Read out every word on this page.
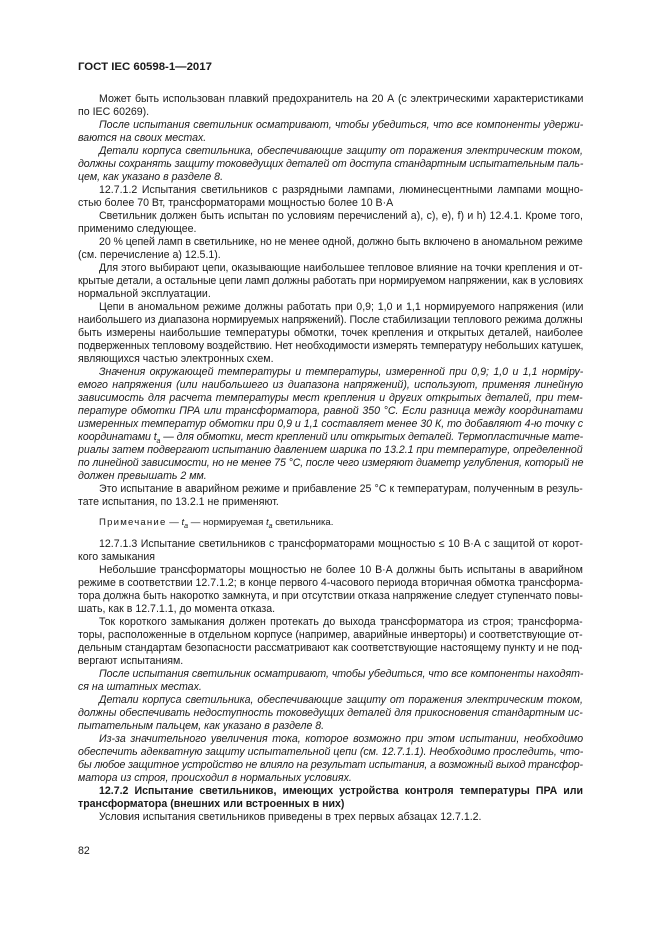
ГОСТ IEC 60598-1—2017
Может быть использован плавкий предохранитель на 20 А (с электрическими характеристиками
по IEC 60269).
После испытания светильник осматривают, чтобы убедиться, что все компоненты удержи-
ваются на своих местах.
Детали корпуса светильника, обеспечивающие защиту от поражения электрическим током,
должны сохранять защиту токоведущих деталей от доступа стандартным испытательным паль-
цем, как указано в разделе 8.
12.7.1.2 Испытания светильников с разрядными лампами, люминесцентными лампами мощно-
стью более 70 Вт, трансформаторами мощностью более 10 В·А
Светильник должен быть испытан по условиям перечислений а), с), е), f) и h) 12.4.1. Кроме того,
применимо следующее.
20 % цепей ламп в светильнике, но не менее одной, должно быть включено в аномальном режиме
(см. перечисление а) 12.5.1).
Для этого выбирают цепи, оказывающие наибольшее тепловое влияние на точки крепления и от-
крытые детали, а остальные цепи ламп должны работать при нормируемом напряжении, как в условиях
нормальной эксплуатации.
Цепи в аномальном режиме должны работать при 0,9; 1,0 и 1,1 нормируемого напряжения (или
наибольшего из диапазона нормируемых напряжений). После стабилизации теплового режима должны
быть измерены наибольшие температуры обмотки, точек крепления и открытых деталей, наиболее
подверженных тепловому воздействию. Нет необходимости измерять температуру небольших катушек,
являющихся частью электронных схем.
Значения окружающей температуры и температуры, измеренной при 0,9; 1,0 и 1,1 норміру-
емого напряжения (или наибольшего из диапазона напряжений), используют, применяя линейную
зависимость для расчета температуры мест крепления и других открытых деталей, при тем-
пературе обмотки ПРА или трансформатора, равной 350 °С. Если разница между координатами
измеренных температур обмотки при 0,9 и 1,1 составляет менее 30 К, то добавляют 4-ю точку с
координатами $t_a$ — для обмотки, мест креплений или открытых деталей. Термопластичные мате-
риалы затем подвергают испытанию давлением шарика по 13.2.1 при температуре, определенной
по линейной зависимости, но не менее 75 °С, после чего измеряют диаметр углубления, который не
должен превышать 2 мм.
Это испытание в аварийном режиме и прибавление 25 °С к температурам, полученным в резуль-
тате испытания, по 13.2.1 не применяют.
Примечание — $t_a$ — нормируемая $t_a$ светильника.
12.7.1.3 Испытание светильников с трансформаторами мощностью ≤ 10 В·А с защитой от корот-
кого замыкания
Небольшие трансформаторы мощностью не более 10 В·А должны быть испытаны в аварийном
режиме в соответствии 12.7.1.2; в конце первого 4-часового периода вторичная обмотка трансформа-
тора должна быть накоротко замкнута, и при отсутствии отказа напряжение следует ступенчато повы-
шать, как в 12.7.1.1, до момента отказа.
Ток короткого замыкания должен протекать до выхода трансформатора из строя; трансформа-
торы, расположенные в отдельном корпусе (например, аварийные инверторы) и соответствующие от-
дельным стандартам безопасности рассматривают как соответствующие настоящему пункту и не под-
вергают испытаниям.
После испытания светильник осматривают, чтобы убедиться, что все компоненты находят-
ся на штатных местах.
Детали корпуса светильника, обеспечивающие защиту от поражения электрическим током,
должны обеспечивать недоступность токоведущих деталей для прикосновения стандартным ис-
пытательным пальцем, как указано в разделе 8.
Из-за значительного увеличения тока, которое возможно при этом испытании, необходимо
обеспечить адекватную защиту испытательной цепи (см. 12.7.1.1). Необходимо проследить, что-
бы любое защитное устройство не влияло на результат испытания, а возможный выход трансфор-
матора из строя, происходил в нормальных условиях.
12.7.2 Испытание светильников, имеющих устройства контроля температуры ПРА или
трансформатора (внешних или встроенных в них)
Условия испытания светильников приведены в трех первых абзацах 12.7.1.2.
82
